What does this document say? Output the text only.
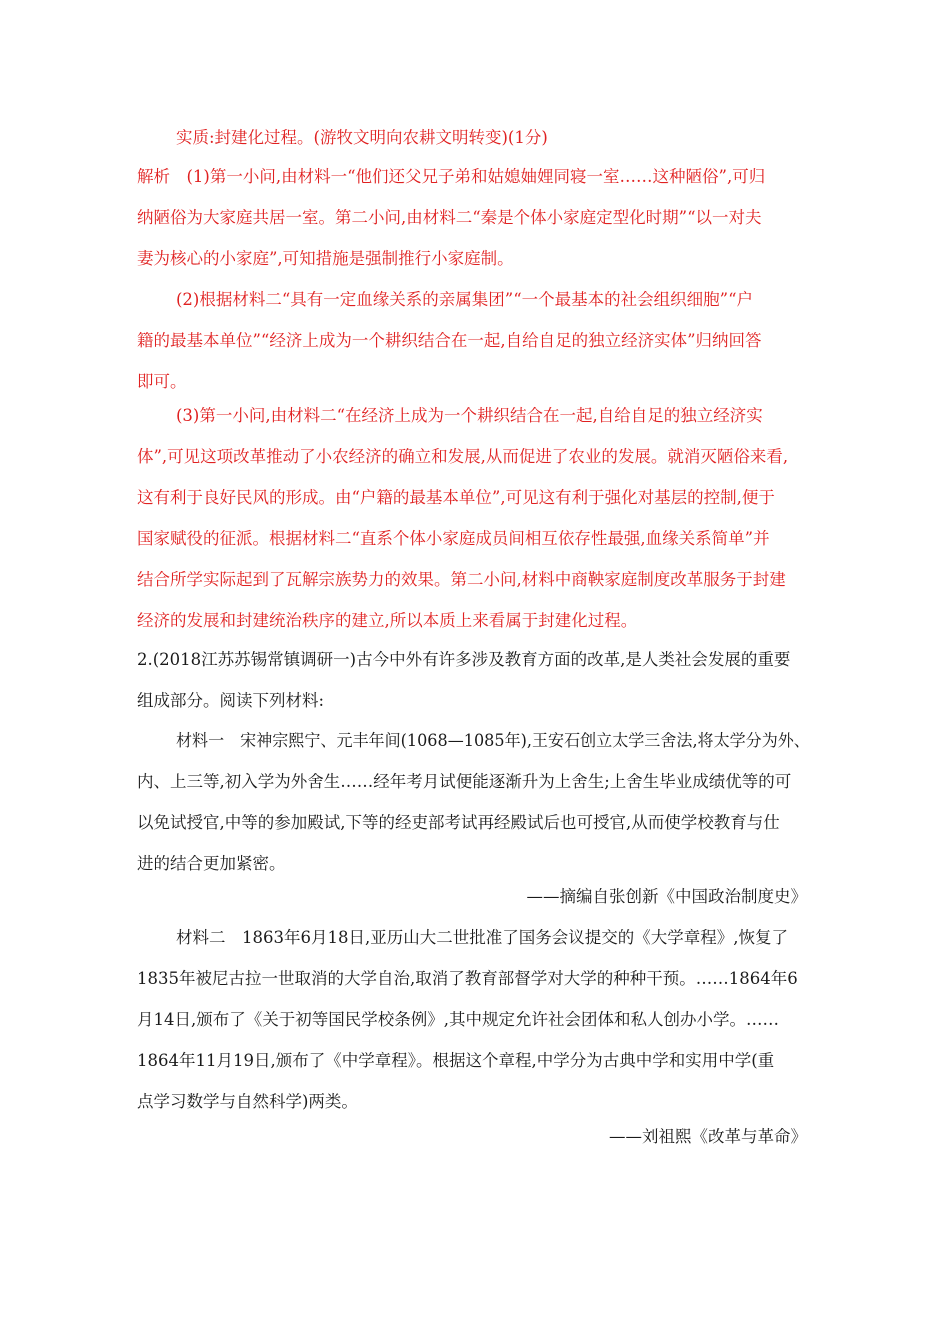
实质:封建化过程。(游牧文明向农耕文明转变)(1分)
解析　(1)第一小问,由材料一“他们还父兄子弟和姑媳妯娌同寝一室……这种陋俗”,可归
纳陋俗为大家庭共居一室。第二小问,由材料二“秦是个体小家庭定型化时期”“以一对夫
妻为核心的小家庭”,可知措施是强制推行小家庭制。
(2)根据材料二“具有一定血缘关系的亲属集团”“一个最基本的社会组织细胞”“户
籍的最基本单位”“经济上成为一个耕织结合在一起,自给自足的独立经济实体”归纳回答
即可。
(3)第一小问,由材料二“在经济上成为一个耕织结合在一起,自给自足的独立经济实
体”,可见这项改革推动了小农经济的确立和发展,从而促进了农业的发展。就消灭陋俗来看,
这有利于良好民风的形成。由“户籍的最基本单位”,可见这有利于强化对基层的控制,便于
国家赋役的征派。根据材料二“直系个体小家庭成员间相互依存性最强,血缘关系简单”并
结合所学实际起到了瓦解宗族势力的效果。第二小问,材料中商鞅家庭制度改革服务于封建
经济的发展和封建统治秩序的建立,所以本质上来看属于封建化过程。
2.(2018江苏苏锡常镇调研一)古今中外有许多涉及教育方面的改革,是人类社会发展的重要
组成部分。阅读下列材料:
材料一　宋神宗熙宁、元丰年间(1068—1085年),王安石创立太学三舍法,将太学分为外、
内、上三等,初入学为外舍生……经年考月试便能逐渐升为上舍生;上舍生毕业成绩优等的可
以免试授官,中等的参加殿试,下等的经吏部考试再经殿试后也可授官,从而使学校教育与仕
进的结合更加紧密。
——摘编自张创新《中国政治制度史》
材料二　1863年6月18日,亚历山大二世批准了国务会议提交的《大学章程》,恢复了
1835年被尼古拉一世取消的大学自治,取消了教育部督学对大学的种种干预。……1864年6
月14日,颁布了《关于初等国民学校条例》,其中规定允许社会团体和私人创办小学。……
1864年11月19日,颁布了《中学章程》。根据这个章程,中学分为古典中学和实用中学(重
点学习数学与自然科学)两类。
——刘祖熙《改革与革命》
